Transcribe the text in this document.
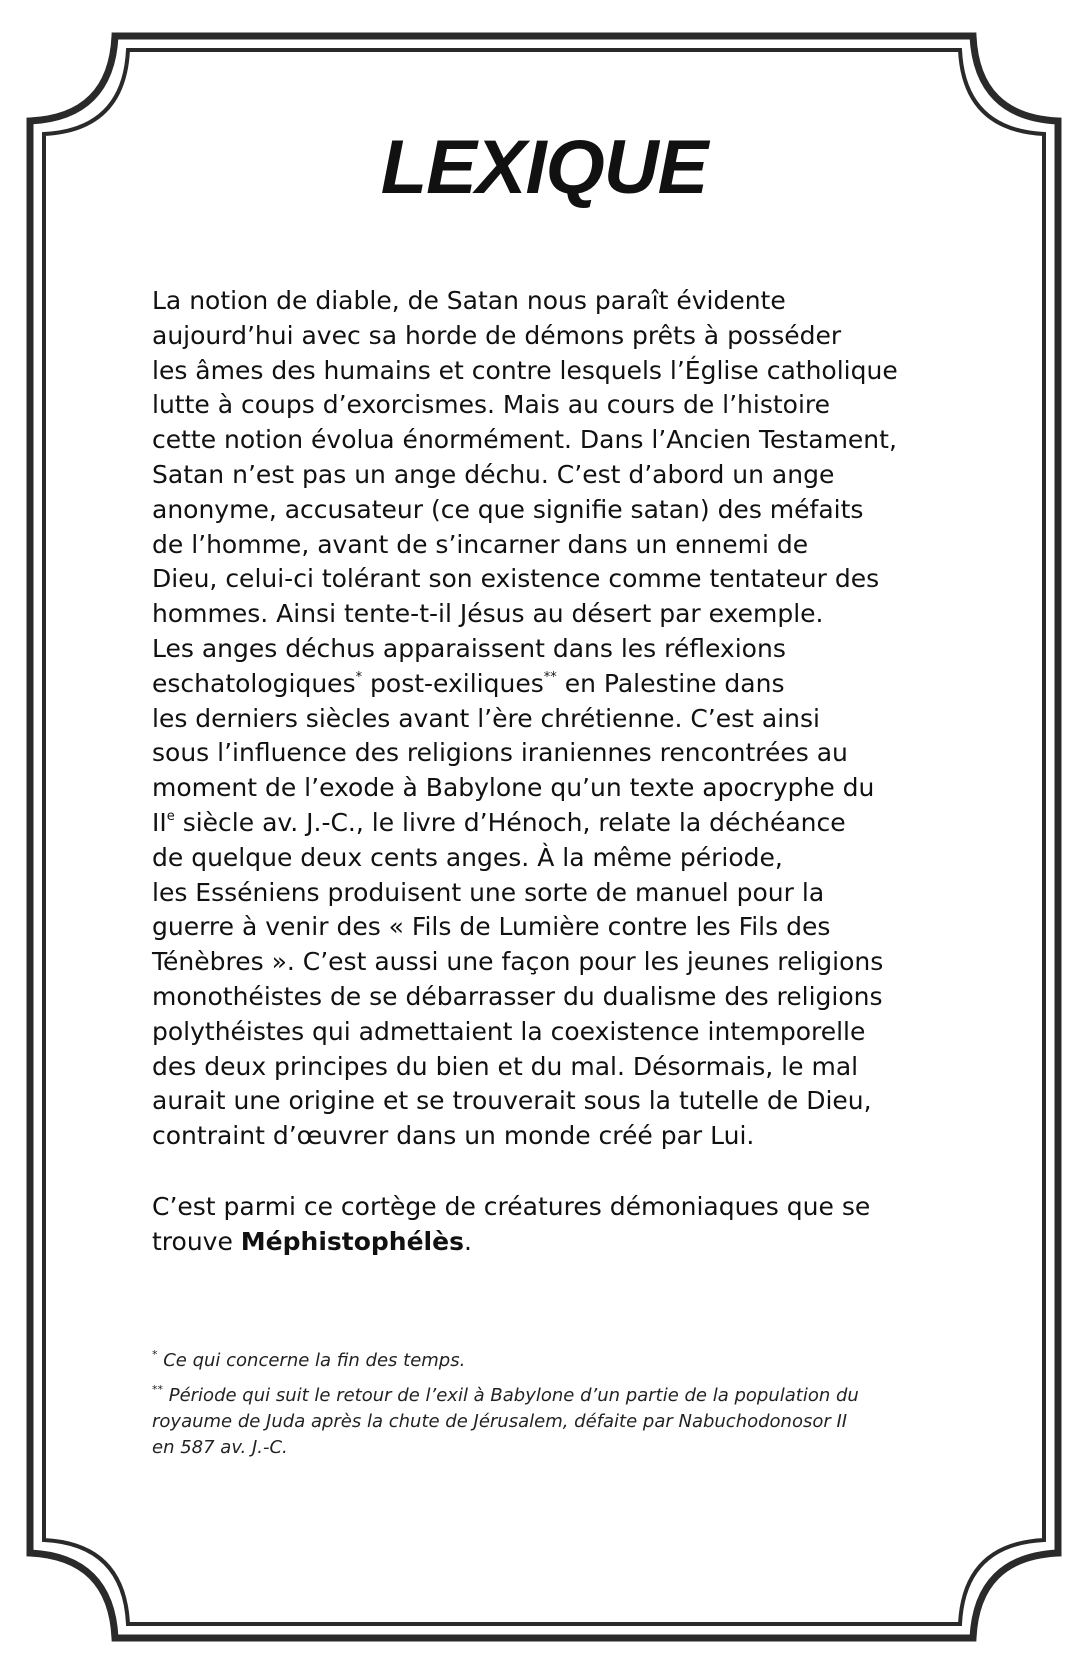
LEXIQUE
La notion de diable, de Satan nous paraît évidente
aujourd’hui avec sa horde de démons prêts à posséder
les âmes des humains et contre lesquels l’Église catholique
lutte à coups d’exorcismes. Mais au cours de l’histoire
cette notion évolua énormément. Dans l’Ancien Testament,
Satan n’est pas un ange déchu. C’est d’abord un ange
anonyme, accusateur (ce que signifie satan) des méfaits
de l’homme, avant de s’incarner dans un ennemi de
Dieu, celui-ci tolérant son existence comme tentateur des
hommes. Ainsi tente-t-il Jésus au désert par exemple.
Les anges déchus apparaissent dans les réflexions
eschatologiques* post-exiliques** en Palestine dans
les derniers siècles avant l’ère chrétienne. C’est ainsi
sous l’influence des religions iraniennes rencontrées au
moment de l’exode à Babylone qu’un texte apocryphe du
IIe siècle av. J.-C., le livre d’Hénoch, relate la déchéance
de quelque deux cents anges. À la même période,
les Esséniens produisent une sorte de manuel pour la
guerre à venir des « Fils de Lumière contre les Fils des
Ténèbres ». C’est aussi une façon pour les jeunes religions
monothéistes de se débarrasser du dualisme des religions
polythéistes qui admettaient la coexistence intemporelle
des deux principes du bien et du mal. Désormais, le mal
aurait une origine et se trouverait sous la tutelle de Dieu,
contraint d’œuvrer dans un monde créé par Lui.
C’est parmi ce cortège de créatures démoniaques que se
trouve Méphistophélès.
* Ce qui concerne la fin des temps.
** Période qui suit le retour de l’exil à Babylone d’un partie de la population du
royaume de Juda après la chute de Jérusalem, défaite par Nabuchodonosor II
en 587 av. J.-C.
